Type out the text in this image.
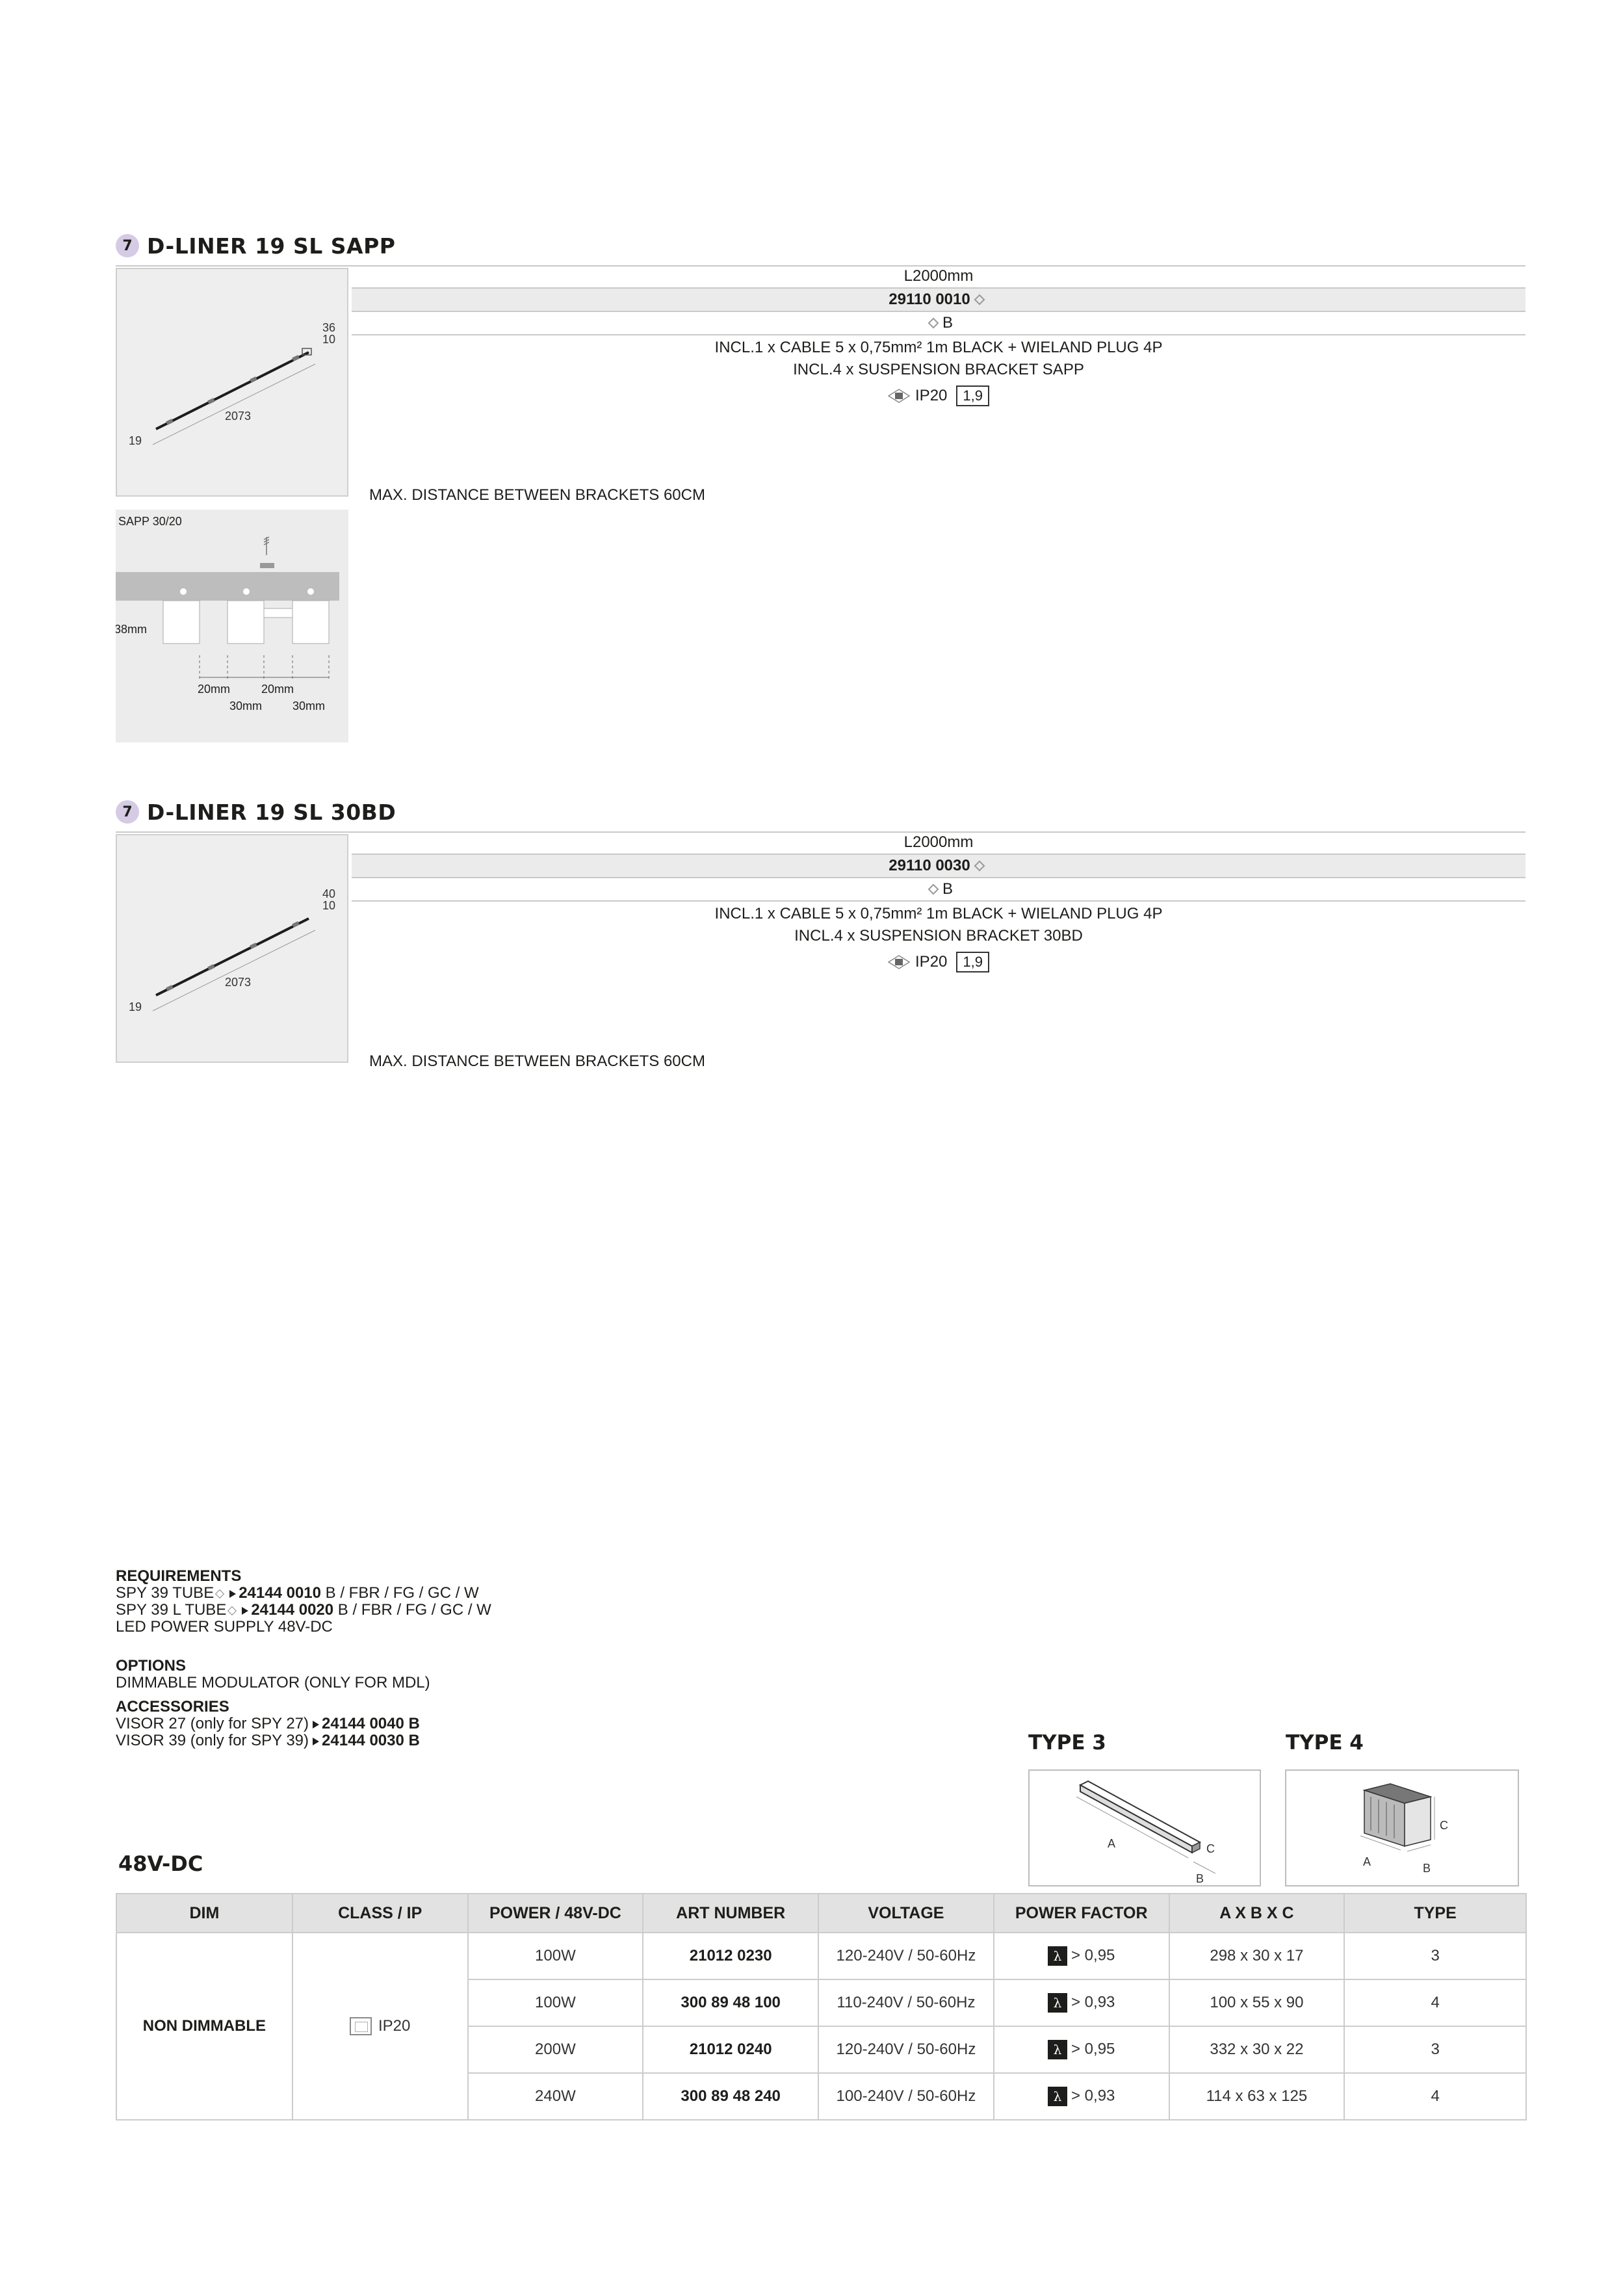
7 D-LINER 19 SL SAPP
36
10
2073
19
L2000mm
29110 0010
B
INCL.1 x CABLE 5 x 0,75mm² 1m BLACK + WIELAND PLUG 4P
INCL.4 x SUSPENSION BRACKET SAPP
IP20	1,9
MAX. DISTANCE BETWEEN BRACKETS 60CM
SAPP 30/20
38mm
20mm	20mm
30mm	30mm
7 D-LINER 19 SL 30BD
40
10
2073
19
L2000mm
29110 0030
B
INCL.1 x CABLE 5 x 0,75mm² 1m BLACK + WIELAND PLUG 4P
INCL.4 x SUSPENSION BRACKET 30BD
IP20	1,9
MAX. DISTANCE BETWEEN BRACKETS 60CM
REQUIREMENTS
SPY 39 TUBE 24144 0010 B / FBR / FG / GC / W
SPY 39 L TUBE 24144 0020 B / FBR / FG / GC / W
LED POWER SUPPLY 48V-DC
OPTIONS
DIMMABLE MODULATOR (ONLY FOR MDL)
ACCESSORIES
VISOR 27 (only for SPY 27) 24144 0040 B
VISOR 39 (only for SPY 39) 24144 0030 B	TYPE 3
A	C
B
TYPE 4
A	B
C
48V-DC
DIM	CLASS / IP	POWER / 48V-DC	ART NUMBER	VOLTAGE	POWER FACTOR	A X B X C	TYPE
NON DIMMABLE	IP20	100W	21012 0230	120-240V / 50-60Hz	λ > 0,95	298 x 30 x 17	3
		100W	300 89 48 100	110-240V / 50-60Hz	λ > 0,93	100 x 55 x 90	4
		200W	21012 0240	120-240V / 50-60Hz	λ > 0,95	332 x 30 x 22	3
		240W	300 89 48 240	100-240V / 50-60Hz	λ > 0,93	114 x 63 x 125	4
